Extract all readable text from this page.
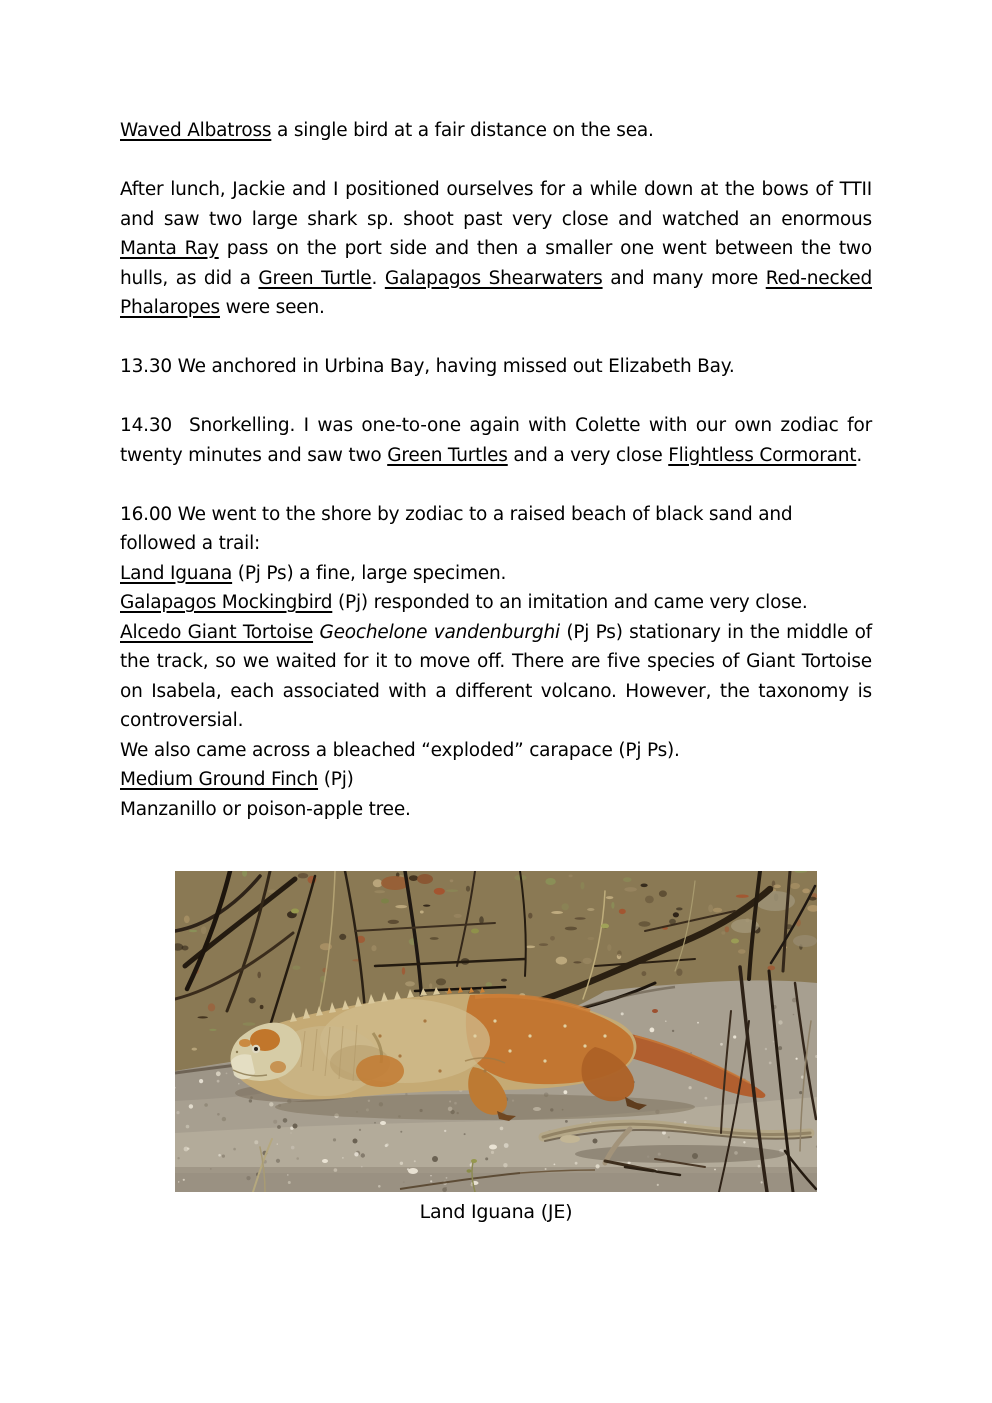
Waved Albatross a single bird at a fair distance on the sea.

After lunch, Jackie and I positioned ourselves for a while down at the bows of TTII and saw two large shark sp. shoot past very close and watched an enormous Manta Ray pass on the port side and then a smaller one went between the two hulls, as did a Green Turtle. Galapagos Shearwaters and many more Red-necked Phalaropes were seen.

13.30 We anchored in Urbina Bay, having missed out Elizabeth Bay.

14.30  Snorkelling. I was one-to-one again with Colette with our own zodiac for twenty minutes and saw two Green Turtles and a very close Flightless Cormorant.

16.00 We went to the shore by zodiac to a raised beach of black sand and followed a trail:

Land Iguana (Pj Ps) a fine, large specimen.

Galapagos Mockingbird (Pj) responded to an imitation and came very close.

Alcedo Giant Tortoise Geochelone vandenburghi (Pj Ps) stationary in the middle of the track, so we waited for it to move off. There are five species of Giant Tortoise on Isabela, each associated with a different volcano. However, the taxonomy is controversial.

We also came across a bleached “exploded” carapace (Pj Ps).

Medium Ground Finch (Pj)

Manzanillo or poison-apple tree.

Land Iguana (JE)
